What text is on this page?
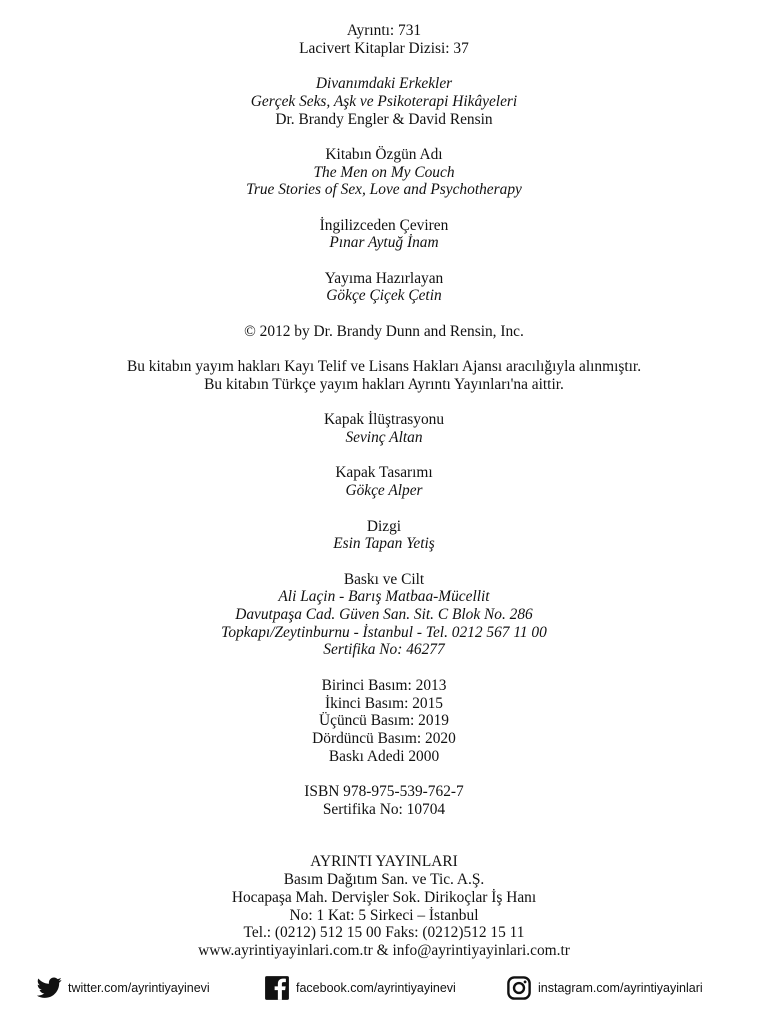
Ayrıntı: 731
Lacivert Kitaplar Dizisi: 37
Divanımdaki Erkekler
Gerçek Seks, Aşk ve Psikoterapi Hikâyeleri
Dr. Brandy Engler & David Rensin
Kitabın Özgün Adı
The Men on My Couch
True Stories of Sex, Love and Psychotherapy
İngilizceden Çeviren
Pınar Aytuğ İnam
Yayıma Hazırlayan
Gökçe Çiçek Çetin
© 2012 by Dr. Brandy Dunn and Rensin, Inc.
Bu kitabın yayım hakları Kayı Telif ve Lisans Hakları Ajansı aracılığıyla alınmıştır.
Bu kitabın Türkçe yayım hakları Ayrıntı Yayınları'na aittir.
Kapak İlüştrasyonu
Sevinç Altan
Kapak Tasarımı
Gökçe Alper
Dizgi
Esin Tapan Yetiş
Baskı ve Cilt
Ali Laçin - Barış Matbaa-Mücellit
Davutpaşa Cad. Güven San. Sit. C Blok No. 286
Topkapı/Zeytinburnu - İstanbul - Tel. 0212 567 11 00
Sertifika No: 46277
Birinci Basım: 2013
İkinci Basım: 2015
Üçüncü Basım: 2019
Dördüncü Basım: 2020
Baskı Adedi 2000
ISBN 978-975-539-762-7
Sertifika No: 10704
AYRINTI YAYINLARI
Basım Dağıtım San. ve Tic. A.Ş.
Hocapaşa Mah. Dervişler Sok. Dirikoçlar İş Hanı
No: 1 Kat: 5 Sirkeci – İstanbul
Tel.: (0212) 512 15 00 Faks: (0212)512 15 11
www.ayrintiyayinlari.com.tr & info@ayrintiyayinlari.com.tr
twitter.com/ayrintiyayinevi	facebook.com/ayrintiyayinevi	instagram.com/ayrintiyayinlari
